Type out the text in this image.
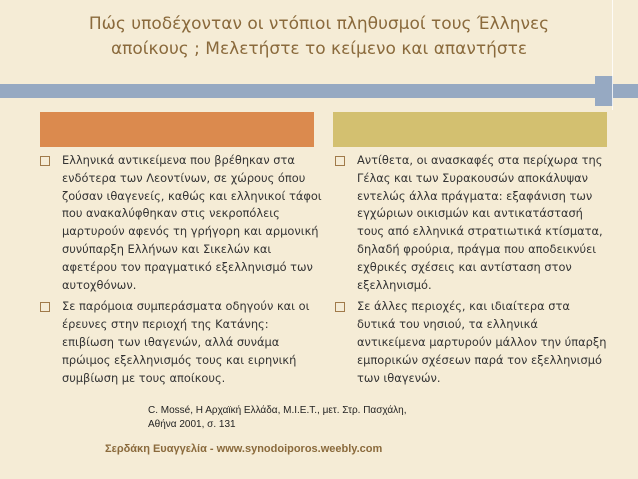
Πώς υποδέχονταν οι ντόπιοι πληθυσμοί τους Έλληνες
αποίκους ; Μελετήστε το κείμενο και απαντήστε
Ελληνικά αντικείμενα που βρέθηκαν στα ενδότερα των Λεοντίνων, σε χώρους όπου ζούσαν ιθαγενείς, καθώς και ελληνικοί τάφοι που ανακαλύφθηκαν στις νεκροπόλεις μαρτυρούν αφενός τη γρήγορη και αρμονική συνύπαρξη Ελλήνων και Σικελών και αφετέρου τον πραγματικό εξελληνισμό των αυτοχθόνων.
Σε παρόμοια συμπεράσματα οδηγούν και οι έρευνες στην περιοχή της Κατάνης: επιβίωση των ιθαγενών, αλλά συνάμα πρώιμος εξελληνισμός τους και ειρηνική συμβίωση με τους αποίκους.
Αντίθετα, οι ανασκαφές στα περίχωρα της Γέλας και των Συρακουσών αποκάλυψαν εντελώς άλλα πράγματα: εξαφάνιση των εγχώριων οικισμών και αντικατάστασή τους από ελληνικά στρατιωτικά κτίσματα, δηλαδή φρούρια, πράγμα που αποδεικνύει εχθρικές σχέσεις και αντίσταση στον εξελληνισμό.
Σε άλλες περιοχές, και ιδιαίτερα στα δυτικά του νησιού, τα ελληνικά αντικείμενα μαρτυρούν μάλλον την ύπαρξη εμπορικών σχέσεων παρά τον εξελληνισμό των ιθαγενών.
C. Mossé, Η Αρχαϊκή Ελλάδα, Μ.Ι.Ε.Τ., μετ. Στρ. Πασχάλη,
Αθήνα 2001, σ. 131
Σερδάκη Ευαγγελία - www.synodoiporos.weebly.com
